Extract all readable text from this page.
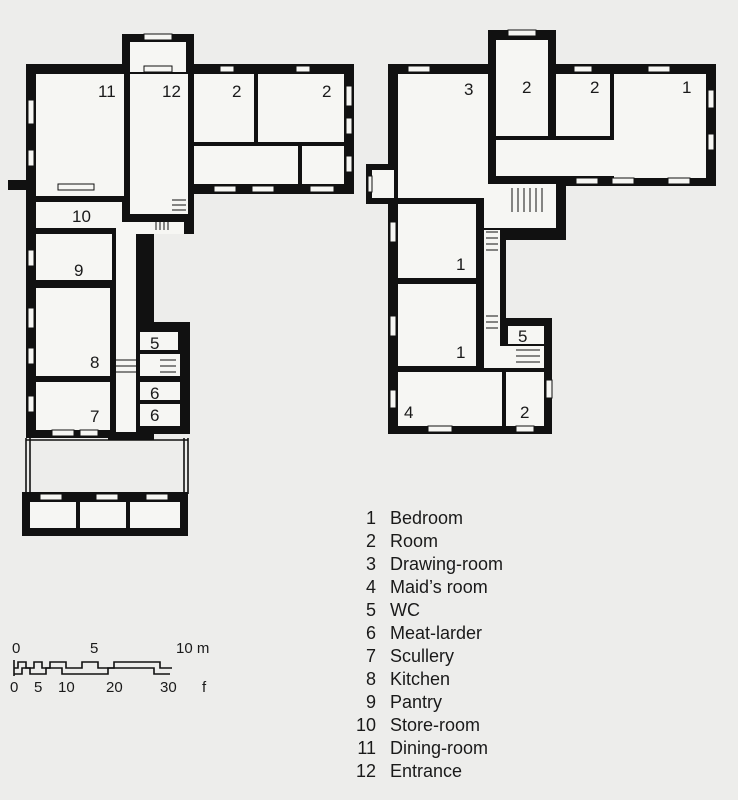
11	12	2	2
10
9
8
5
6
6
7
3	2	2	1
1
1
5
4	2
0	5	10 m
0 5 10 20 30 f
1 Bedroom
2 Room
3 Drawing-room
4 Maid’s room
5 WC
6 Meat-larder
7 Scullery
8 Kitchen
9 Pantry
10 Store-room
11 Dining-room
12 Entrance
